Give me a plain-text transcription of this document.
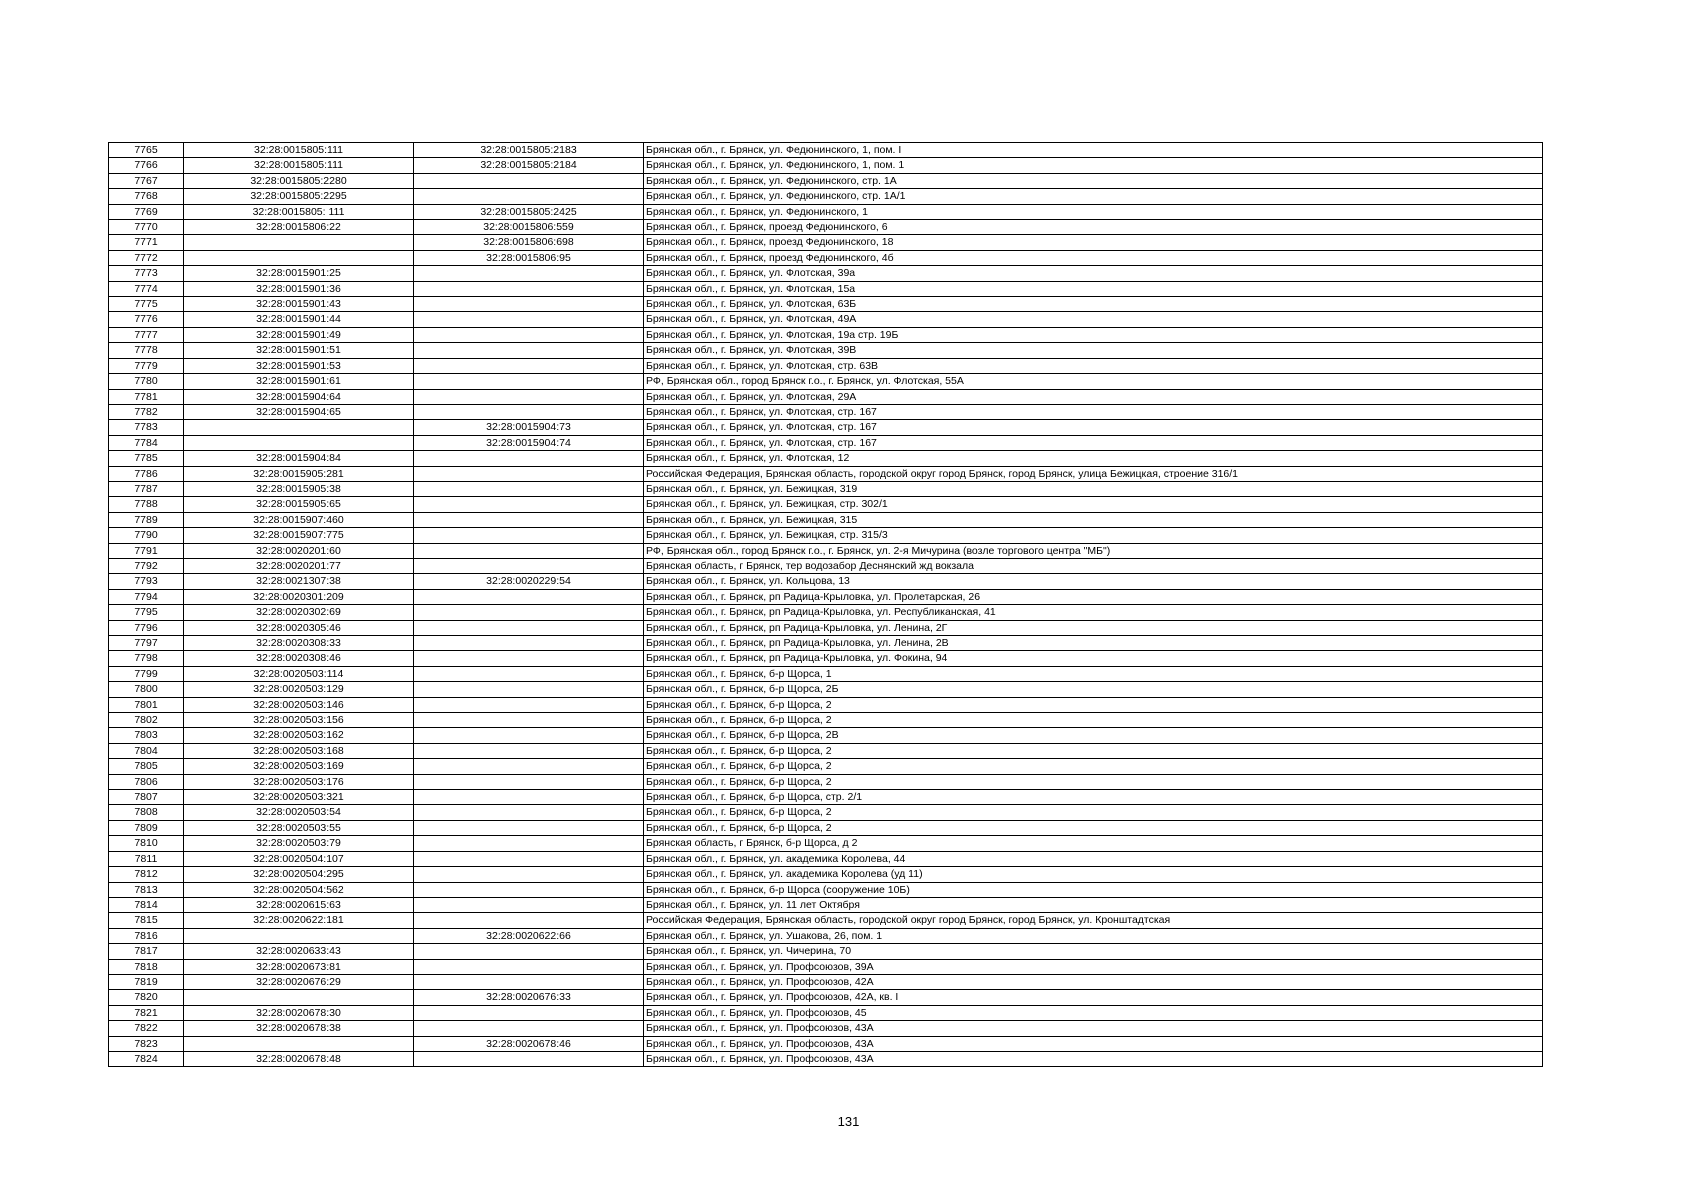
7765	32:28:0015805:111	32:28:0015805:2183	Брянская обл., г. Брянск, ул. Федюнинского, 1, пом. I
7766	32:28:0015805:111	32:28:0015805:2184	Брянская обл., г. Брянск, ул. Федюнинского, 1, пом. 1
7767	32:28:0015805:2280		Брянская обл., г. Брянск, ул. Федюнинского, стр. 1А
7768	32:28:0015805:2295		Брянская обл., г. Брянск, ул. Федюнинского, стр. 1А/1
7769	32:28:0015805: 111	32:28:0015805:2425	Брянская обл., г. Брянск, ул. Федюнинского, 1
7770	32:28:0015806:22	32:28:0015806:559	Брянская обл., г. Брянск, проезд Федюнинского, 6
7771		32:28:0015806:698	Брянская обл., г. Брянск, проезд Федюнинского, 18
7772		32:28:0015806:95	Брянская обл., г. Брянск, проезд Федюнинского, 4б
7773	32:28:0015901:25		Брянская обл., г. Брянск, ул. Флотская, 39а
7774	32:28:0015901:36		Брянская обл., г. Брянск, ул. Флотская, 15а
7775	32:28:0015901:43		Брянская обл., г. Брянск, ул. Флотская, 63Б
7776	32:28:0015901:44		Брянская обл., г. Брянск, ул. Флотская, 49А
7777	32:28:0015901:49		Брянская обл., г. Брянск, ул. Флотская, 19а стр. 19Б
7778	32:28:0015901:51		Брянская обл., г. Брянск, ул. Флотская, 39В
7779	32:28:0015901:53		Брянская обл., г. Брянск, ул. Флотская, стр. 63В
7780	32:28:0015901:61		РФ, Брянская обл., город Брянск г.о., г. Брянск, ул. Флотская, 55А
7781	32:28:0015904:64		Брянская обл., г. Брянск, ул. Флотская, 29А
7782	32:28:0015904:65		Брянская обл., г. Брянск, ул. Флотская, стр. 167
7783		32:28:0015904:73	Брянская обл., г. Брянск, ул. Флотская, стр. 167
7784		32:28:0015904:74	Брянская обл., г. Брянск, ул. Флотская, стр. 167
7785	32:28:0015904:84		Брянская обл., г. Брянск, ул. Флотская, 12
7786	32:28:0015905:281		Российская Федерация, Брянская область, городской округ город Брянск, город Брянск, улица Бежицкая, строение 316/1
7787	32:28:0015905:38		Брянская обл., г. Брянск, ул. Бежицкая, 319
7788	32:28:0015905:65		Брянская обл., г. Брянск, ул. Бежицкая, стр. 302/1
7789	32:28:0015907:460		Брянская обл., г. Брянск, ул. Бежицкая, 315
7790	32:28:0015907:775		Брянская обл., г. Брянск, ул. Бежицкая, стр. 315/3
7791	32:28:0020201:60		РФ, Брянская обл., город Брянск г.о., г. Брянск, ул. 2-я Мичурина (возле торгового центра "МБ")
7792	32:28:0020201:77		Брянская область, г Брянск, тер водозабор Деснянский жд вокзала
7793	32:28:0021307:38	32:28:0020229:54	Брянская обл., г. Брянск, ул. Кольцова, 13
7794	32:28:0020301:209		Брянская обл., г. Брянск, рп Радица-Крыловка, ул. Пролетарская, 26
7795	32:28:0020302:69		Брянская обл., г. Брянск, рп Радица-Крыловка, ул. Республиканская, 41
7796	32:28:0020305:46		Брянская обл., г. Брянск, рп Радица-Крыловка, ул. Ленина, 2Г
7797	32:28:0020308:33		Брянская обл., г. Брянск, рп Радица-Крыловка, ул. Ленина, 2В
7798	32:28:0020308:46		Брянская обл., г. Брянск, рп Радица-Крыловка, ул. Фокина, 94
7799	32:28:0020503:114		Брянская обл., г. Брянск, б-р Щорса, 1
7800	32:28:0020503:129		Брянская обл., г. Брянск, б-р Щорса, 2Б
7801	32:28:0020503:146		Брянская обл., г. Брянск, б-р Щорса, 2
7802	32:28:0020503:156		Брянская обл., г. Брянск, б-р Щорса, 2
7803	32:28:0020503:162		Брянская обл., г. Брянск, б-р Щорса, 2В
7804	32:28:0020503:168		Брянская обл., г. Брянск, б-р Щорса, 2
7805	32:28:0020503:169		Брянская обл., г. Брянск, б-р Щорса, 2
7806	32:28:0020503:176		Брянская обл., г. Брянск, б-р Щорса, 2
7807	32:28:0020503:321		Брянская обл., г. Брянск, б-р Щорса, стр. 2/1
7808	32:28:0020503:54		Брянская обл., г. Брянск, б-р Щорса, 2
7809	32:28:0020503:55		Брянская обл., г. Брянск, б-р Щорса, 2
7810	32:28:0020503:79		Брянская область, г Брянск, б-р Щорса, д 2
7811	32:28:0020504:107		Брянская обл., г. Брянск, ул. академика Королева, 44
7812	32:28:0020504:295		Брянская обл., г. Брянск, ул. академика Королева (уд 11)
7813	32:28:0020504:562		Брянская обл., г. Брянск, б-р Щорса (сооружение 10Б)
7814	32:28:0020615:63		Брянская обл., г. Брянск, ул. 11 лет Октября
7815	32:28:0020622:181		Российская Федерация, Брянская область, городской округ город Брянск, город Брянск, ул. Кронштадтская
7816		32:28:0020622:66	Брянская обл., г. Брянск, ул. Ушакова, 26, пом. 1
7817	32:28:0020633:43		Брянская обл., г. Брянск, ул. Чичерина, 70
7818	32:28:0020673:81		Брянская обл., г. Брянск, ул. Профсоюзов, 39А
7819	32:28:0020676:29		Брянская обл., г. Брянск, ул. Профсоюзов, 42А
7820		32:28:0020676:33	Брянская обл., г. Брянск, ул. Профсоюзов, 42А, кв. I
7821	32:28:0020678:30		Брянская обл., г. Брянск, ул. Профсоюзов, 45
7822	32:28:0020678:38		Брянская обл., г. Брянск, ул. Профсоюзов, 43А
7823		32:28:0020678:46	Брянская обл., г. Брянск, ул. Профсоюзов, 43А
7824	32:28:0020678:48		Брянская обл., г. Брянск, ул. Профсоюзов, 43А
131
